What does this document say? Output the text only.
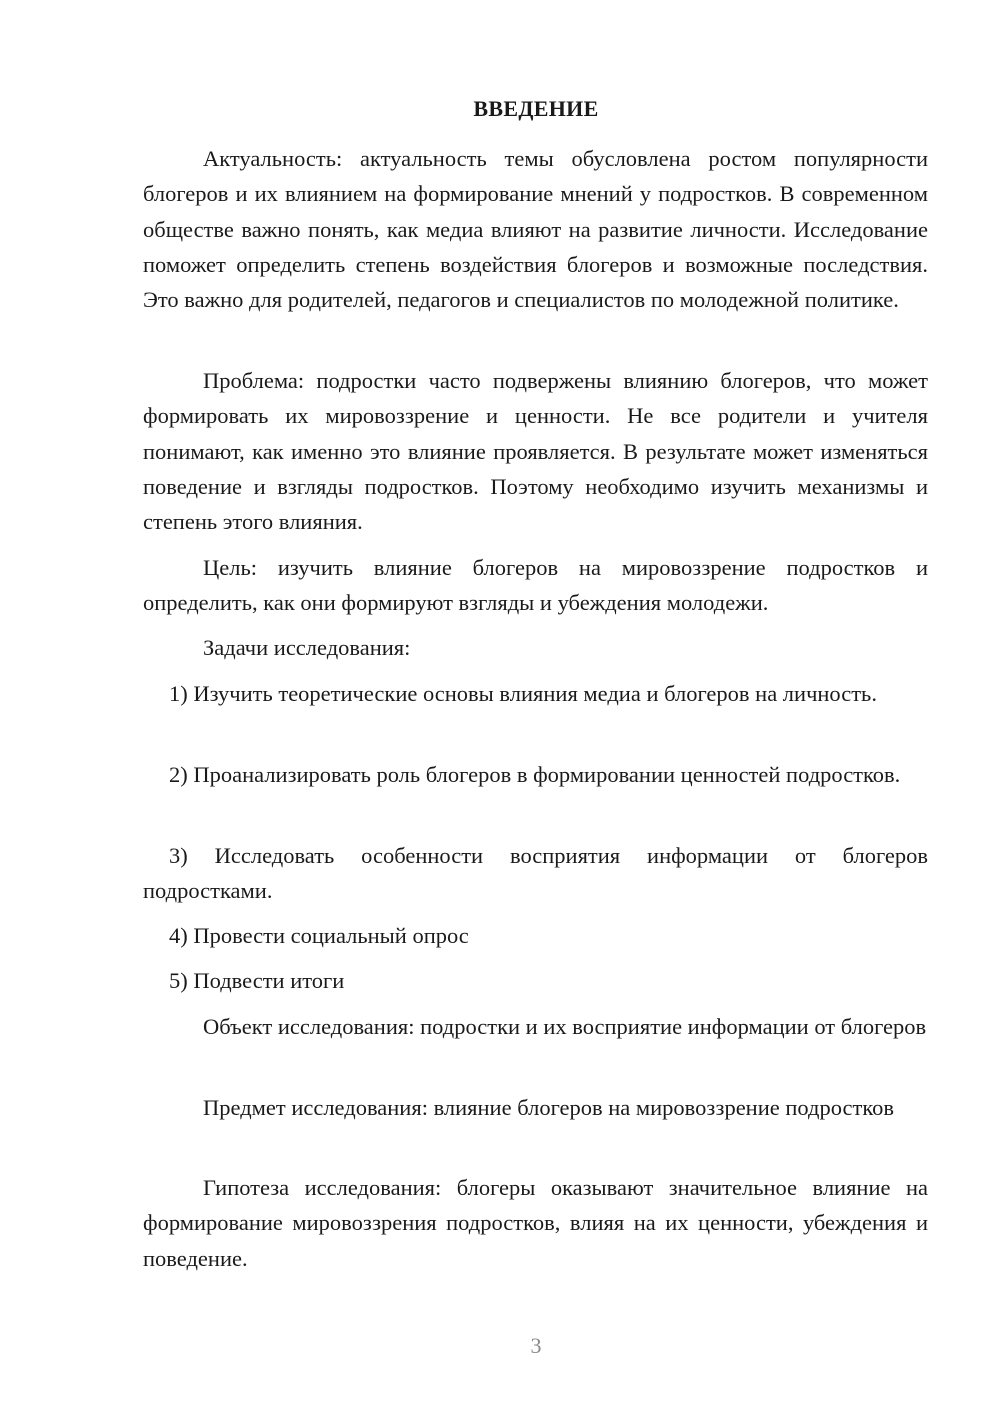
ВВЕДЕНИЕ

Актуальность: актуальность темы обусловлена ростом популярности блогеров и их влиянием на формирование мнений у подростков. В современном обществе важно понять, как медиа влияют на развитие личности. Исследование поможет определить степень воздействия блогеров и возможные последствия. Это важно для родителей, педагогов и специалистов по молодежной политике.

Проблема: подростки часто подвержены влиянию блогеров, что может формировать их мировоззрение и ценности. Не все родители и учителя понимают, как именно это влияние проявляется. В результате может изменяться поведение и взгляды подростков. Поэтому необходимо изучить механизмы и степень этого влияния.

Цель: изучить влияние блогеров на мировоззрение подростков и определить, как они формируют взгляды и убеждения молодежи.

Задачи исследования:

1) Изучить теоретические основы влияния медиа и блогеров на личность.

2) Проанализировать роль блогеров в формировании ценностей подростков.

3) Исследовать особенности восприятия информации от блогеров подростками.

4) Провести социальный опрос

5) Подвести итоги

Объект исследования: подростки и их восприятие информации от блогеров

Предмет исследования: влияние блогеров на мировоззрение подростков

Гипотеза исследования: блогеры оказывают значительное влияние на формирование мировоззрения подростков, влияя на их ценности, убеждения и поведение.

3
